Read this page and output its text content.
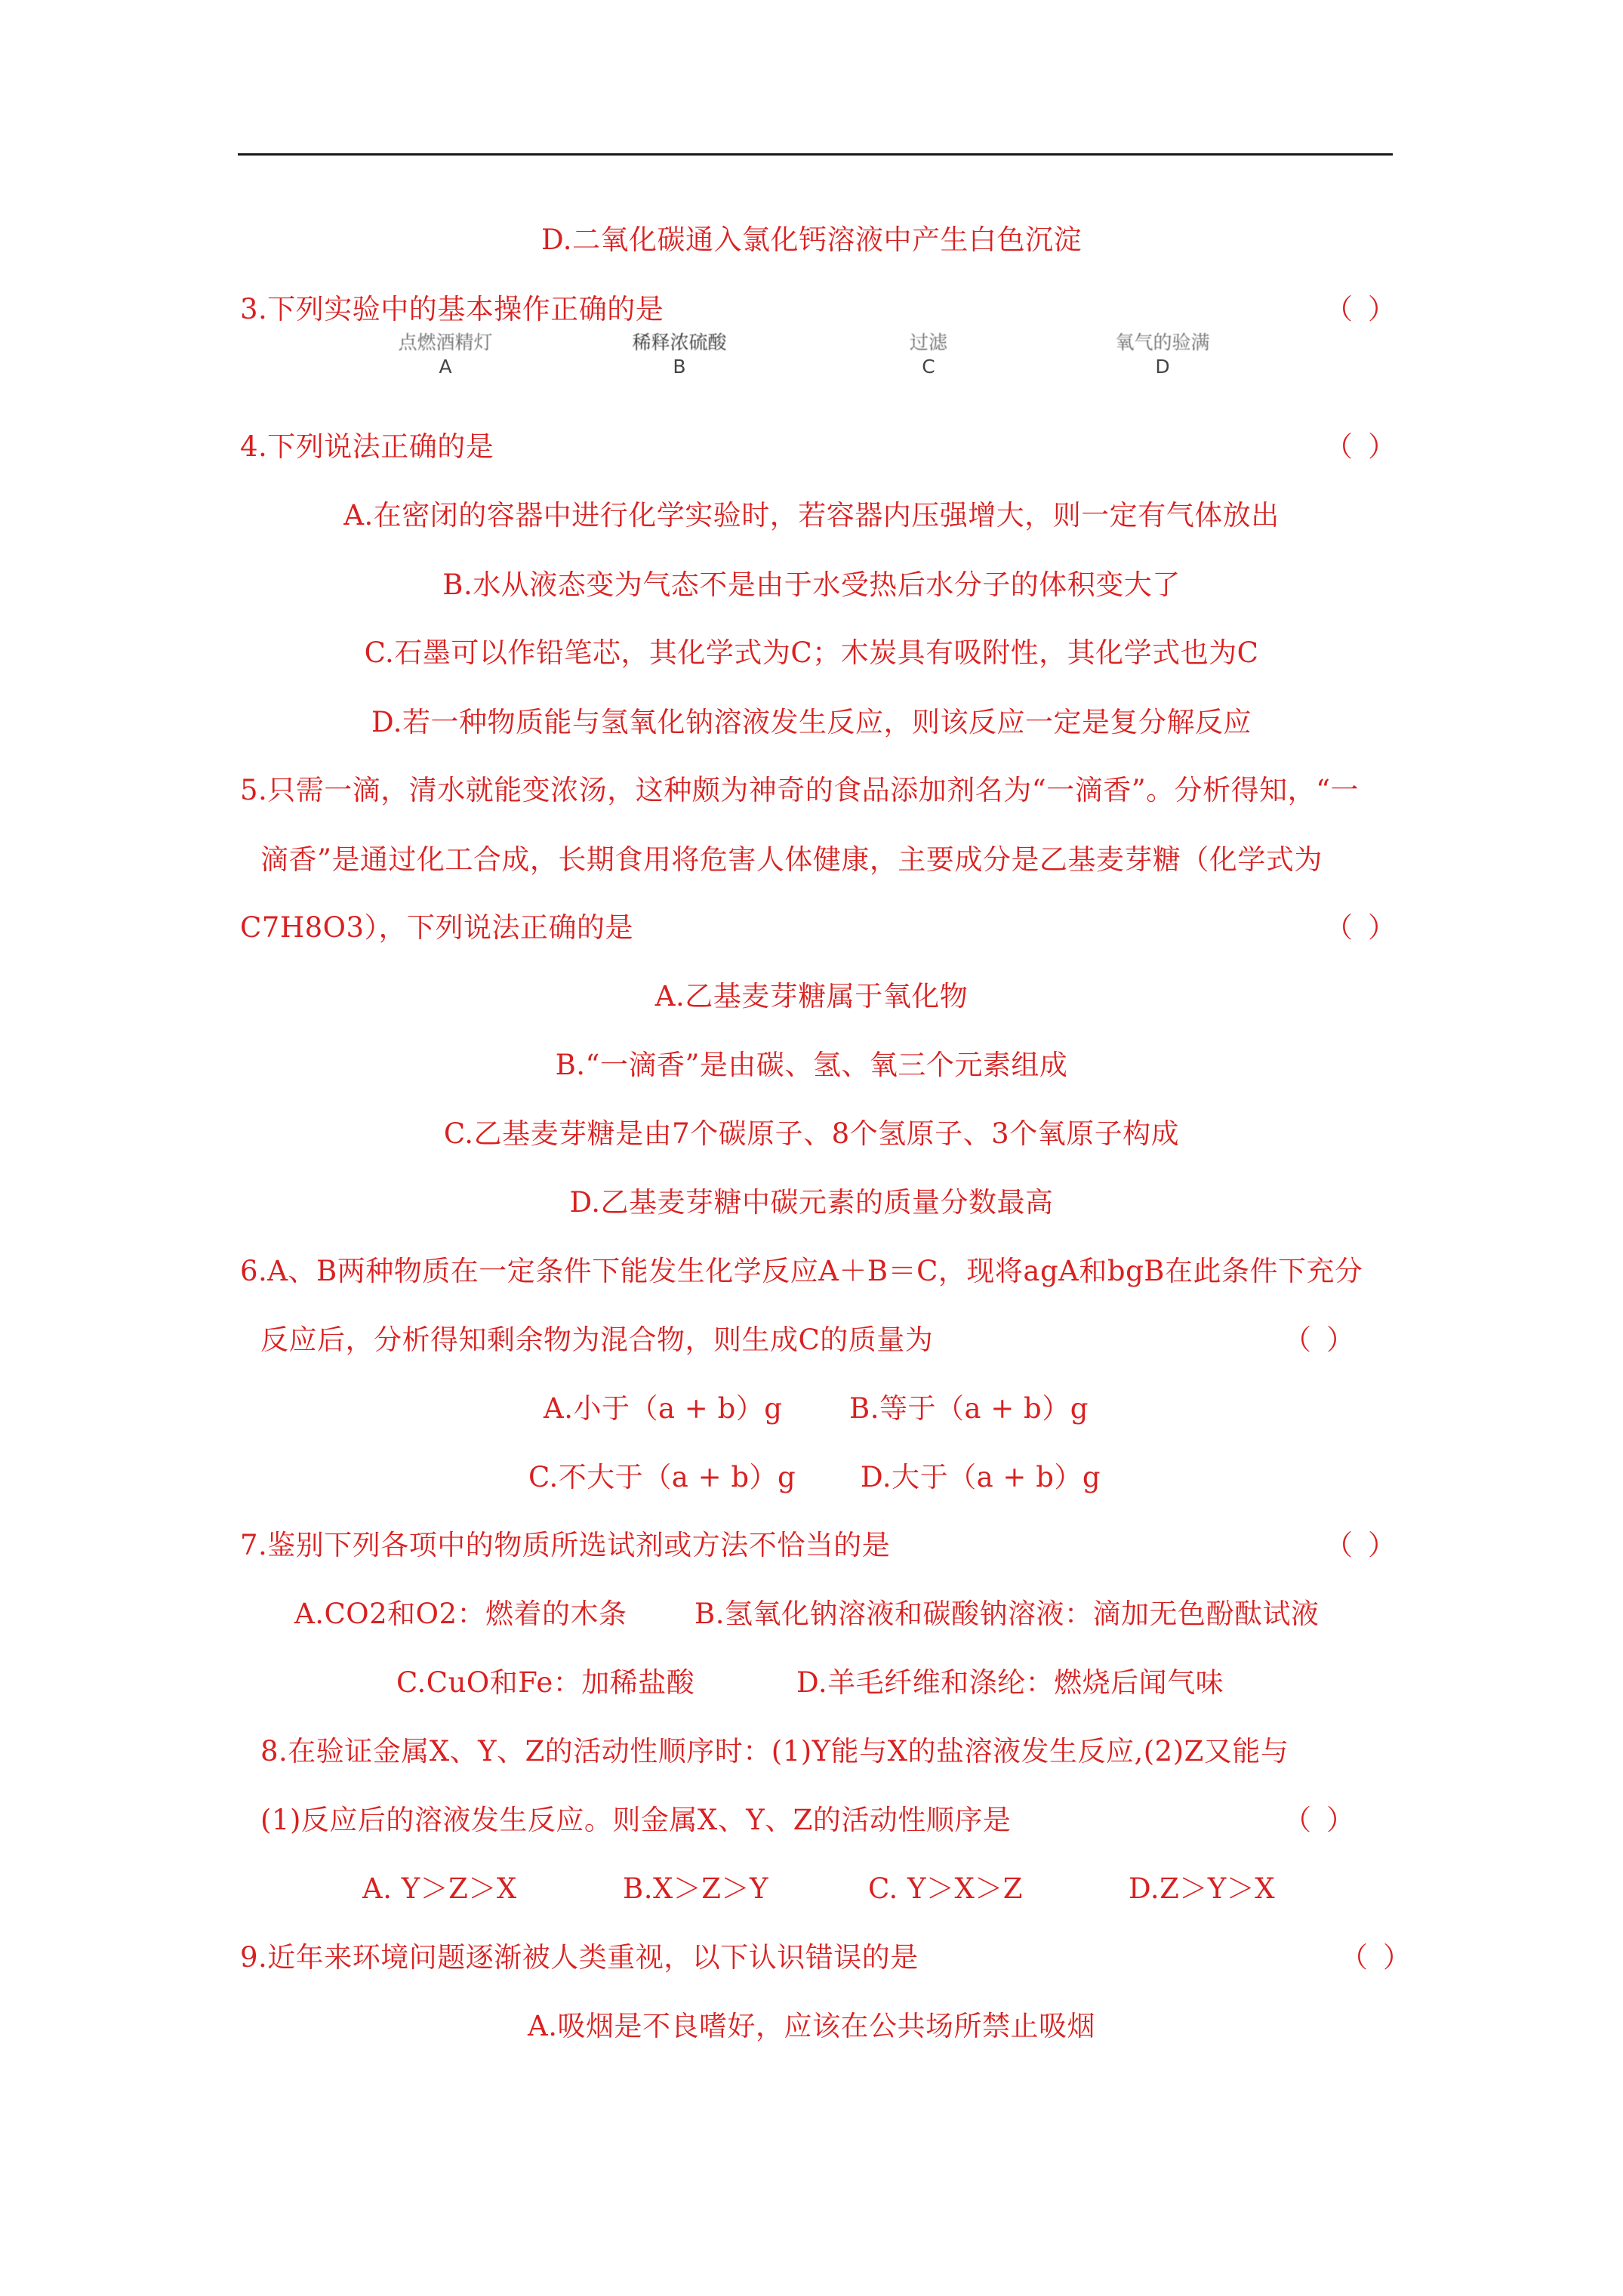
D.二氧化碳通入氯化钙溶液中产生白色沉淀
3.下列实验中的基本操作正确的是	（）
点燃酒精灯
A
稀释浓硫酸
B
过滤
C
氧气的验满
D
4.下列说法正确的是	（）
A.在密闭的容器中进行化学实验时，若容器内压强增大，则一定有气体放出
B.水从液态变为气态不是由于水受热后水分子的体积变大了
C.石墨可以作铅笔芯，其化学式为C；木炭具有吸附性，其化学式也为C
D.若一种物质能与氢氧化钠溶液发生反应，则该反应一定是复分解反应
5.只需一滴，清水就能变浓汤，这种颇为神奇的食品添加剂名为“一滴香”。分析得知，“一
滴香”是通过化工合成，长期食用将危害人体健康，主要成分是乙基麦芽糖（化学式为
C7H8O3），下列说法正确的是	（）
A.乙基麦芽糖属于氧化物
B.“一滴香”是由碳、氢、氧三个元素组成
C.乙基麦芽糖是由7个碳原子、8个氢原子、3个氧原子构成
D.乙基麦芽糖中碳元素的质量分数最高
6.A、B两种物质在一定条件下能发生化学反应A＋B＝C，现将agA和bgB在此条件下充分
反应后，分析得知剩余物为混合物，则生成C的质量为	（）
A.小于（a + b）g B.等于（a + b）g
C.不大于（a + b）g D.大于（a + b）g
7.鉴别下列各项中的物质所选试剂或方法不恰当的是	（）
A.CO2和O2：燃着的木条 B.氢氧化钠溶液和碳酸钠溶液：滴加无色酚酞试液
C.CuO和Fe：加稀盐酸	D.羊毛纤维和涤纶：燃烧后闻气味
8.在验证金属X、Y、Z的活动性顺序时：(1)Y能与X的盐溶液发生反应,(2)Z又能与
(1)反应后的溶液发生反应。则金属X、Y、Z的活动性顺序是	（）
A. Y＞Z＞X	B.X＞Z＞Y	C. Y＞X＞Z	D.Z＞Y＞X
9.近年来环境问题逐渐被人类重视，以下认识错误的是	（）
A.吸烟是不良嗜好，应该在公共场所禁止吸烟
